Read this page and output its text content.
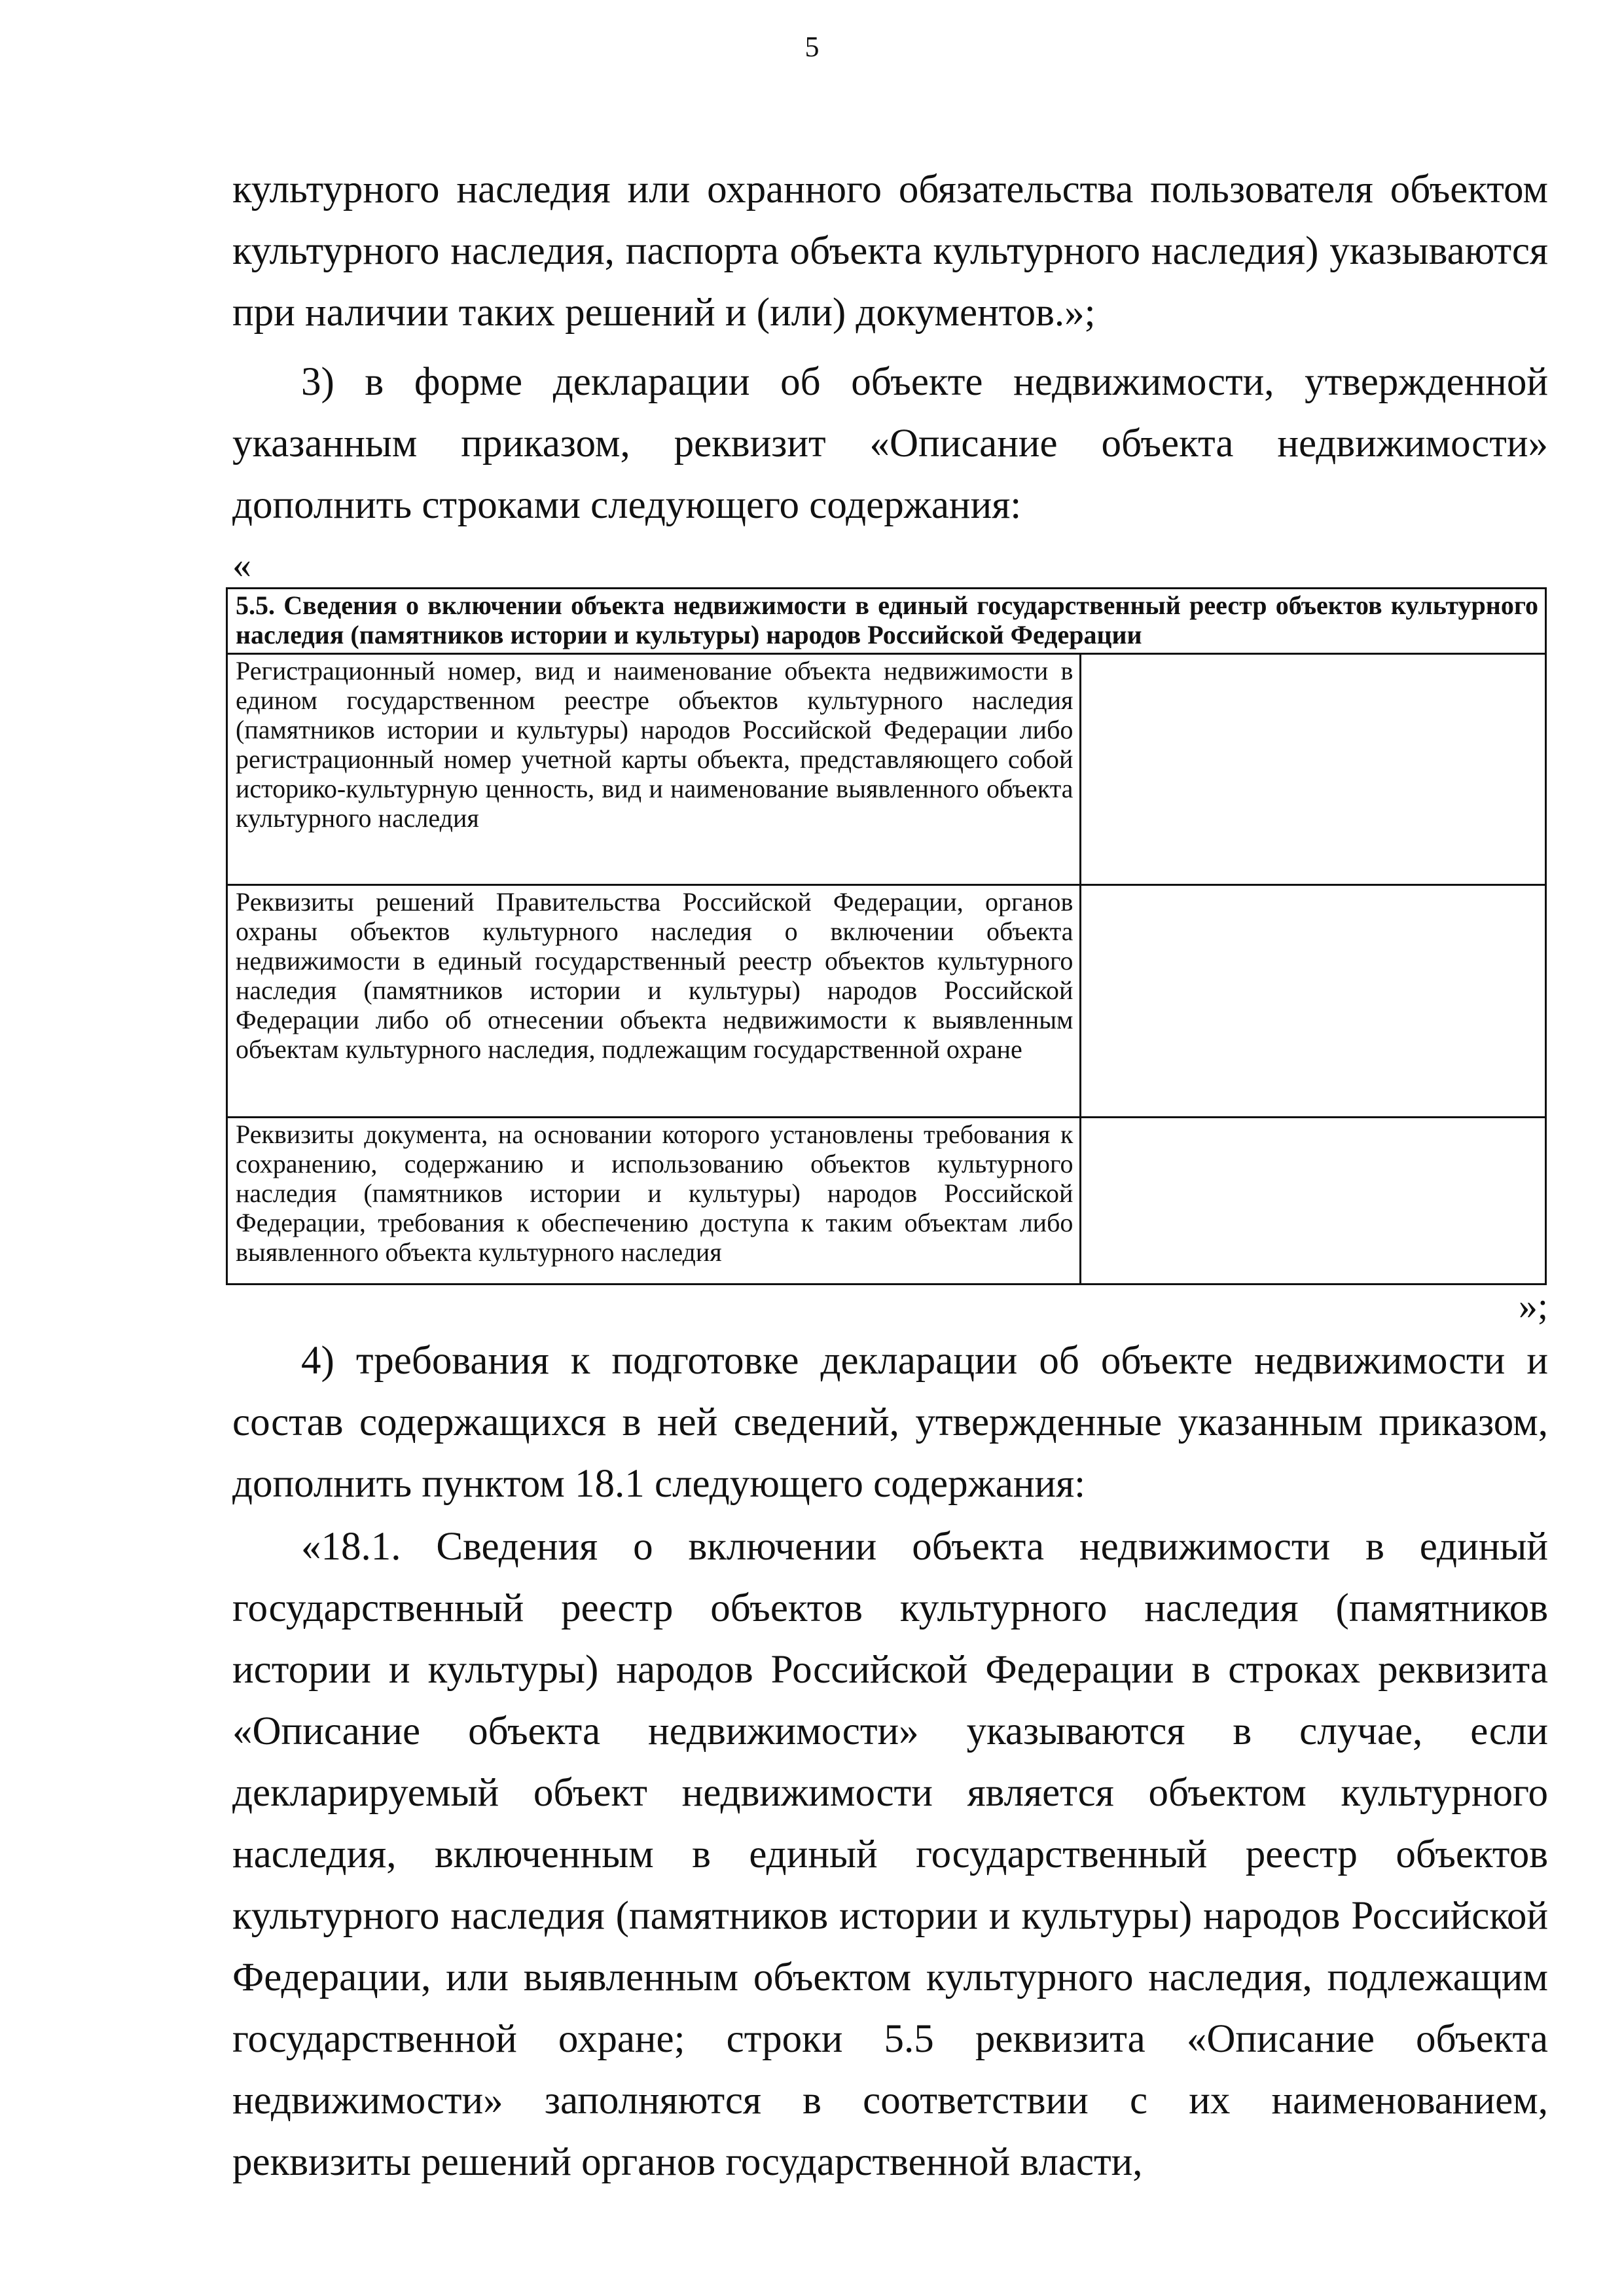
5
культурного наследия или охранного обязательства пользователя объектом культурного наследия, паспорта объекта культурного наследия) указываются при наличии таких решений и (или) документов.»;
3) в форме декларации об объекте недвижимости, утвержденной указанным приказом, реквизит «Описание объекта недвижимости» дополнить строками следующего содержания:
«
5.5. Сведения о включении объекта недвижимости в единый государственный реестр объектов культурного наследия (памятников истории и культуры) народов Российской Федерации	
Регистрационный номер, вид и наименование объекта недвижимости в едином государственном реестре объектов культурного наследия (памятников истории и культуры) народов Российской Федерации либо регистрационный номер учетной карты объекта, представляющего собой историко-культурную ценность, вид и наименование выявленного объекта культурного наследия	
Реквизиты решений Правительства Российской Федерации, органов охраны объектов культурного наследия о включении объекта недвижимости в единый государственный реестр объектов культурного наследия (памятников истории и культуры) народов Российской Федерации либо об отнесении объекта недвижимости к выявленным объектам культурного наследия, подлежащим государственной охране	
Реквизиты документа, на основании которого установлены требования к сохранению, содержанию и использованию объектов культурного наследия (памятников истории и культуры) народов Российской Федерации, требования к обеспечению доступа к таким объектам либо выявленного объекта культурного наследия	
»;
4) требования к подготовке декларации об объекте недвижимости и состав содержащихся в ней сведений, утвержденные указанным приказом, дополнить пунктом 18.1 следующего содержания:
«18.1. Сведения о включении объекта недвижимости в единый государственный реестр объектов культурного наследия (памятников истории и культуры) народов Российской Федерации в строках реквизита «Описание объекта недвижимости» указываются в случае, если декларируемый объект недвижимости является объектом культурного наследия, включенным в единый государственный реестр объектов культурного наследия (памятников истории и культуры) народов Российской Федерации, или выявленным объектом культурного наследия, подлежащим государственной охране; строки 5.5 реквизита «Описание объекта недвижимости» заполняются в соответствии с их наименованием, реквизиты решений органов государственной власти,
